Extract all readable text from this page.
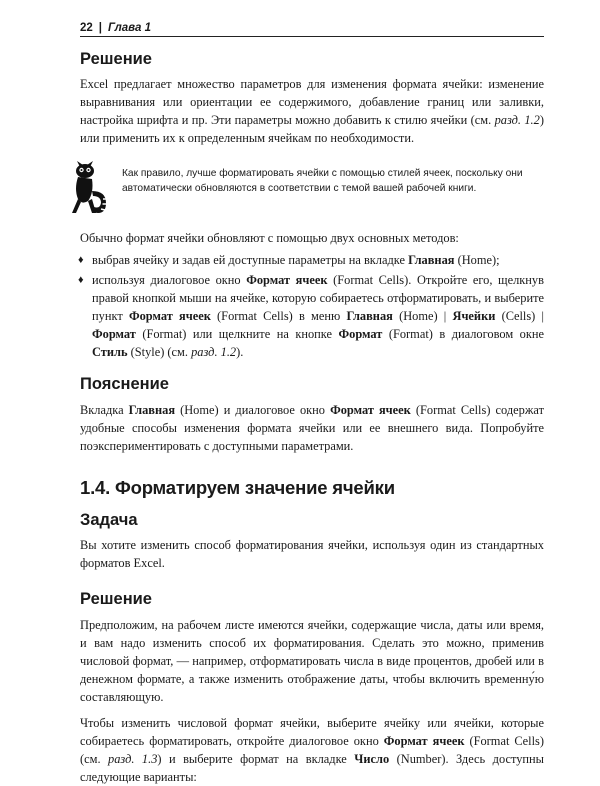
22 | Глава 1
Решение

Excel предлагает множество параметров для изменения формата ячейки: изменение выравнивания или ориентации ее содержимого, добавление границ или заливки, настройка шрифта и пр. Эти параметры можно добавить к стилю ячейки (см. разд. 1.2) или применить их к определенным ячейкам по необходимости.

Как правило, лучше форматировать ячейки с помощью стилей ячеек, поскольку они автоматически обновляются в соответствии с темой вашей рабочей книги.

Обычно формат ячейки обновляют с помощью двух основных методов:

♦ выбрав ячейку и задав ей доступные параметры на вкладке Главная (Home);
♦ используя диалоговое окно Формат ячеек (Format Cells). Откройте его, щелкнув правой кнопкой мыши на ячейке, которую собираетесь отформатировать, и выберите пункт Формат ячеек (Format Cells) в меню Главная (Home) | Ячейки (Cells) | Формат (Format) или щелкните на кнопке Формат (Format) в диалоговом окне Стиль (Style) (см. разд. 1.2).
Пояснение

Вкладка Главная (Home) и диалоговое окно Формат ячеек (Format Cells) содержат удобные способы изменения формата ячейки или ее внешнего вида. Попробуйте поэкспериментировать с доступными параметрами.

1.4. Форматируем значение ячейки
Задача

Вы хотите изменить способ форматирования ячейки, используя один из стандартных форматов Excel.

Решение

Предположим, на рабочем листе имеются ячейки, содержащие числа, даты или время, и вам надо изменить способ их форматирования. Сделать это можно, применив числовой формат, — например, отформатировать числа в виде процентов, дробей или в денежном формате, а также изменить отображение даты, чтобы включить временну́ю составляющую.

Чтобы изменить числовой формат ячейки, выберите ячейку или ячейки, которые собираетесь форматировать, откройте диалоговое окно Формат ячеек (Format Cells) (см. разд. 1.3) и выберите формат на вкладке Число (Number). Здесь доступны следующие варианты:
